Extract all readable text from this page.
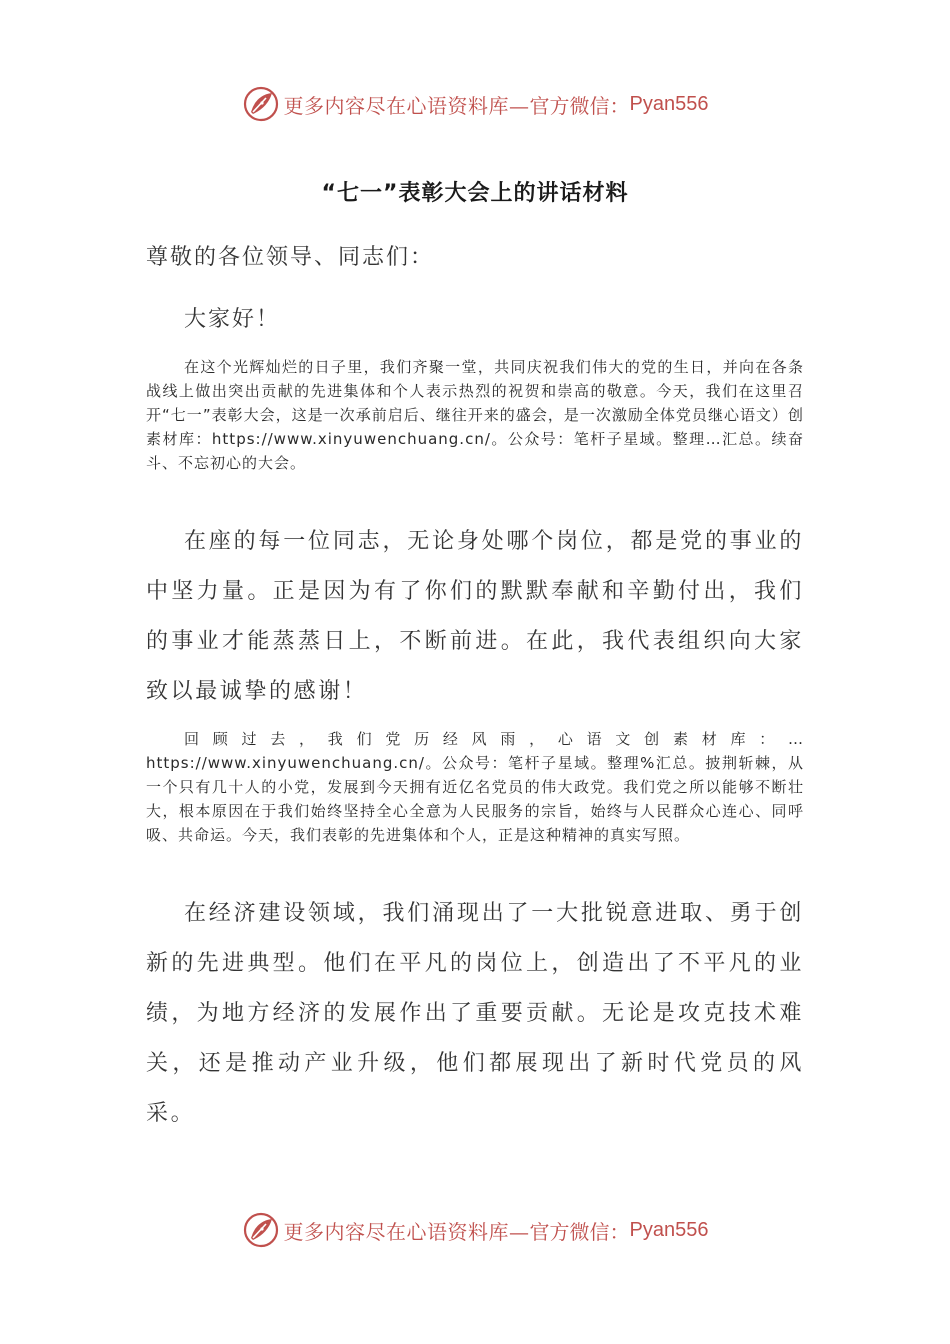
更多内容尽在心语资料库— 官方微信： Pyan556
“七一”表彰大会上的讲话材料
尊敬的各位领导、同志们：
大家好！

在这个光辉灿烂的日子里，我们齐聚一堂，共同庆祝我们伟大的党的生日，并向在各条战线上做出突出贡献的先进集体和个人表示热烈的祝贺和崇高的敬意。今天，我们在这里召开“七一”表彰大会，这是一次承前启后、继往开来的盛会，是一次激励全体党员继心语文）创素材库：https://www.xinyuwenchuang.cn/。公众号：笔杆子星域。整理…汇总。续奋斗、不忘初心的大会。

在座的每一位同志，无论身处哪个岗位，都是党的事业的中坚力量。正是因为有了你们的默默奉献和辛勤付出，我们的事业才能蒸蒸日上，不断前进。在此，我代表组织向大家致以最诚挚的感谢！

回顾过去，我们党历经风雨，心语文创素材库：…https://www.xinyuwenchuang.cn/。公众号：笔杆子星域。整理%汇总。披荆斩棘，从一个只有几十人的小党，发展到今天拥有近亿名党员的伟大政党。我们党之所以能够不断壮大，根本原因在于我们始终坚持全心全意为人民服务的宗旨，始终与人民群众心连心、同呼吸、共命运。今天，我们表彰的先进集体和个人，正是这种精神的真实写照。

在经济建设领域，我们涌现出了一大批锐意进取、勇于创新的先进典型。他们在平凡的岗位上，创造出了不平凡的业绩，为地方经济的发展作出了重要贡献。无论是攻克技术难关，还是推动产业升级，他们都展现出了新时代党员的风采。

更多内容尽在心语资料库— 官方微信： Pyan556
